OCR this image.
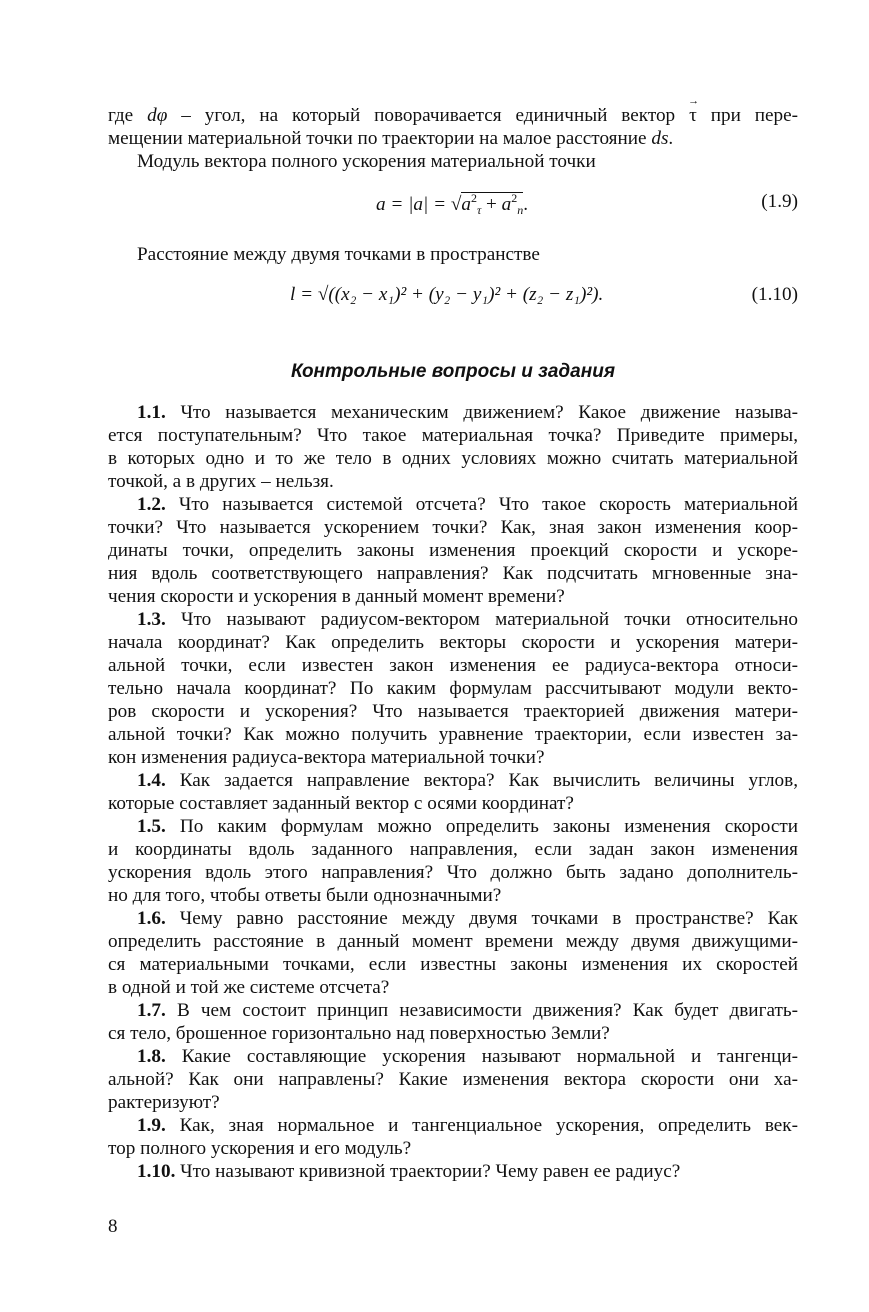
где dφ – угол, на который поворачивается единичный вектор → τ при пере-
мещении материальной точки по траектории на малое расстояние ds.
Модуль вектора полного ускорения материальной точки
$a = |a| = √a^2_\tau + a^2_n$.	(1.9)
Расстояние между двумя точками в пространстве
l = √((x₂ − x₁)² + (y₂ − y₁)² + (z₂ − z₁)²).	(1.10)
Контрольные вопросы и задания
1.1. Что называется механическим движением? Какое движение называ-
ется поступательным? Что такое материальная точка? Приведите примеры,
в которых одно и то же тело в одних условиях можно считать материальной
точкой, а в других – нельзя.
1.2. Что называется системой отсчета? Что такое скорость материальной
точки? Что называется ускорением точки? Как, зная закон изменения коор-
динаты точки, определить законы изменения проекций скорости и ускоре-
ния вдоль соответствующего направления? Как подсчитать мгновенные зна-
чения скорости и ускорения в данный момент времени?
1.3. Что называют радиусом-вектором материальной точки относительно
начала координат? Как определить векторы скорости и ускорения матери-
альной точки, если известен закон изменения ее радиуса-вектора относи-
тельно начала координат? По каким формулам рассчитывают модули векто-
ров скорости и ускорения? Что называется траекторией движения матери-
альной точки? Как можно получить уравнение траектории, если известен за-
кон изменения радиуса-вектора материальной точки?
1.4. Как задается направление вектора? Как вычислить величины углов,
которые составляет заданный вектор с осями координат?
1.5. По каким формулам можно определить законы изменения скорости
и координаты вдоль заданного направления, если задан закон изменения
ускорения вдоль этого направления? Что должно быть задано дополнитель-
но для того, чтобы ответы были однозначными?
1.6. Чему равно расстояние между двумя точками в пространстве? Как
определить расстояние в данный момент времени между двумя движущими-
ся материальными точками, если известны законы изменения их скоростей
в одной и той же системе отсчета?
1.7. В чем состоит принцип независимости движения? Как будет двигать-
ся тело, брошенное горизонтально над поверхностью Земли?
1.8. Какие составляющие ускорения называют нормальной и тангенци-
альной? Как они направлены? Какие изменения вектора скорости они ха-
рактеризуют?
1.9. Как, зная нормальное и тангенциальное ускорения, определить век-
тор полного ускорения и его модуль?
1.10. Что называют кривизной траектории? Чему равен ее радиус?
8
